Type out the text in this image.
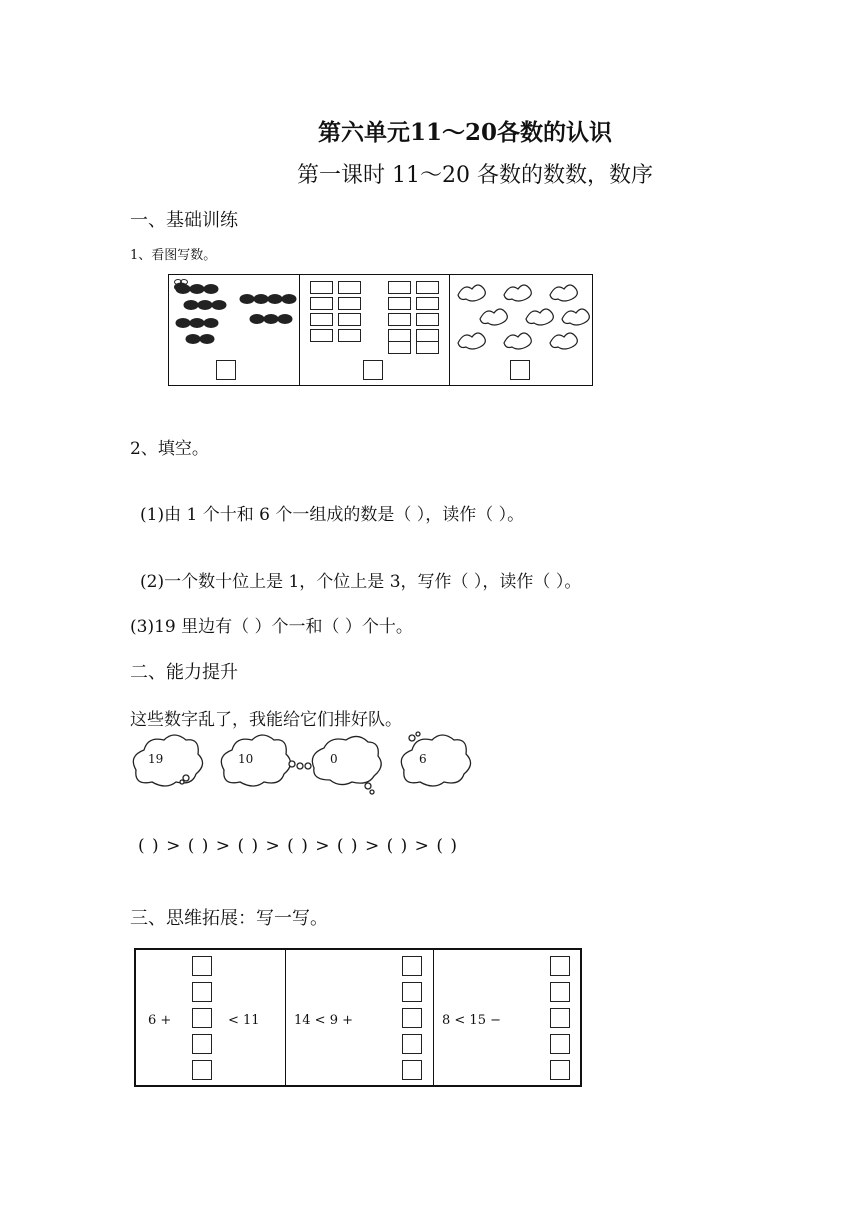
第六单元11～20各数的认识
第一课时 11～20 各数的数数，数序
一、基础训练
1、看图写数。
2、填空。
(1)由 1 个十和 6 个一组成的数是（ ），读作（ ）。
(2)一个数十位上是 1，个位上是 3，写作（ ），读作（ ）。
(3)19 里边有（ ）个一和（ ）个十。
二、能力提升
这些数字乱了，我能给它们排好队。
19	10	0	6
( ) > ( ) > ( ) > ( ) > ( ) > ( ) > ( )
三、思维拓展：写一写。
6 +	< 11	14 < 9 +	8 < 15 −
